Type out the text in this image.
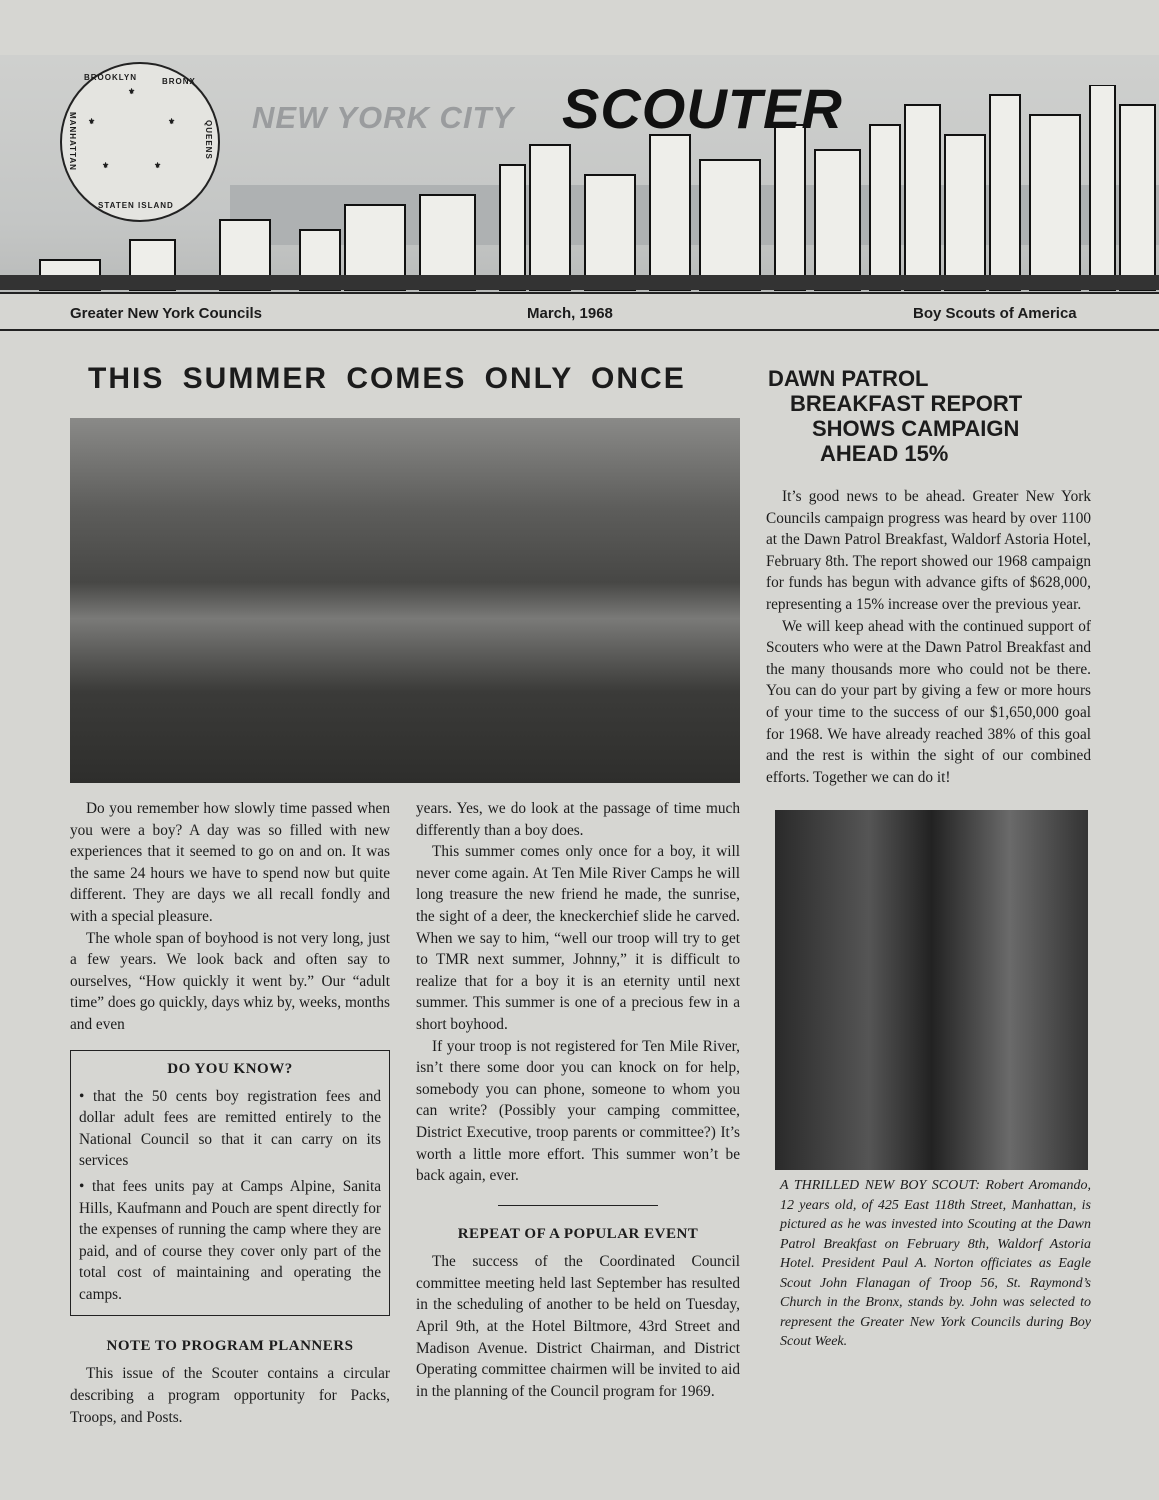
BROOKLYN	BRONX
MANHATTAN	QUEENS
STATEN ISLAND
⚜
⚜	⚜
⚜	⚜
NEW YORK CITY SCOUTER
Greater New York Councils	March, 1968	Boy Scouts of America
THIS SUMMER COMES ONLY ONCE

Do you remember how slowly time passed when you were a boy? A day was so filled with new experiences that it seemed to go on and on. It was the same 24 hours we have to spend now but quite different. They are days we all recall fondly and with a special pleasure.

The whole span of boyhood is not very long, just a few years. We look back and often say to ourselves, “How quickly it went by.” Our “adult time” does go quickly, days whiz by, weeks, months and even

DO YOU KNOW?

• that the 50 cents boy registration fees and dollar adult fees are remitted entirely to the National Council so that it can carry on its services

• that fees units pay at Camps Alpine, Sanita Hills, Kaufmann and Pouch are spent directly for the expenses of running the camp where they are paid, and of course they cover only part of the total cost of maintaining and operating the camps.

NOTE TO PROGRAM PLANNERS

This issue of the Scouter contains a circular describing a program opportunity for Packs, Troops, and Posts.

years. Yes, we do look at the passage of time much differently than a boy does.

This summer comes only once for a boy, it will never come again. At Ten Mile River Camps he will long treasure the new friend he made, the sunrise, the sight of a deer, the kneckerchief slide he carved. When we say to him, “well our troop will try to get to TMR next summer, Johnny,” it is difficult to realize that for a boy it is an eternity until next summer. This summer is one of a precious few in a short boyhood.

If your troop is not registered for Ten Mile River, isn’t there some door you can knock on for help, somebody you can phone, someone to whom you can write? (Possibly your camping committee, District Executive, troop parents or committee?) It’s worth a little more effort. This summer won’t be back again, ever.

REPEAT OF A POPULAR EVENT

The success of the Coordinated Council committee meeting held last September has resulted in the scheduling of another to be held on Tuesday, April 9th, at the Hotel Biltmore, 43rd Street and Madison Avenue. District Chairman, and District Operating committee chairmen will be invited to aid in the planning of the Council program for 1969.

DAWN PATROL
BREAKFAST REPORT
SHOWS CAMPAIGN
AHEAD 15%

It’s good news to be ahead. Greater New York Councils campaign progress was heard by over 1100 at the Dawn Patrol Breakfast, Waldorf Astoria Hotel, February 8th. The report showed our 1968 campaign for funds has begun with advance gifts of $628,000, representing a 15% increase over the previous year.

We will keep ahead with the continued support of Scouters who were at the Dawn Patrol Breakfast and the many thousands more who could not be there. You can do your part by giving a few or more hours of your time to the success of our $1,650,000 goal for 1968. We have already reached 38% of this goal and the rest is within the sight of our combined efforts. Together we can do it!

A THRILLED NEW BOY SCOUT: Robert Aromando, 12 years old, of 425 East 118th Street, Manhattan, is pictured as he was invested into Scouting at the Dawn Patrol Breakfast on February 8th, Waldorf Astoria Hotel. President Paul A. Norton officiates as Eagle Scout John Flanagan of Troop 56, St. Raymond’s Church in the Bronx, stands by. John was selected to represent the Greater New York Councils during Boy Scout Week.
